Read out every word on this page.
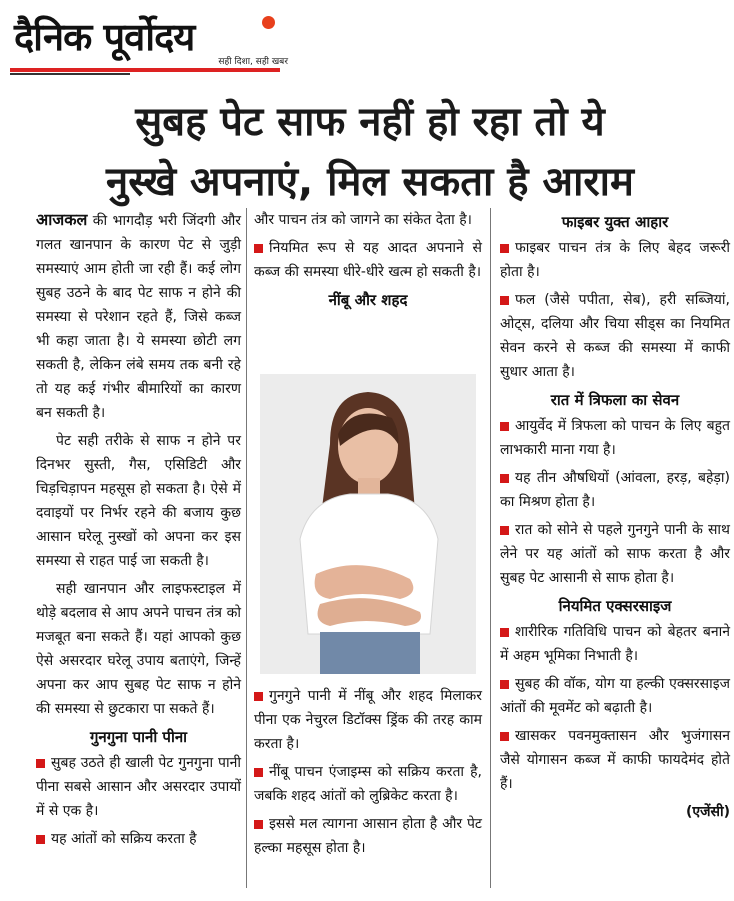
दैनिक पूर्वोदय
सही दिशा, सही खबर
सुबह पेट साफ नहीं हो रहा तो ये
नुस्खे अपनाएं, मिल सकता है आराम

आजकल की भागदौड़ भरी जिंदगी और गलत खानपान के कारण पेट से जुड़ी समस्याएं आम होती जा रही हैं। कई लोग सुबह उठने के बाद पेट साफ न होने की समस्या से परेशान रहते हैं, जिसे कब्ज भी कहा जाता है। ये समस्या छोटी लग सकती है, लेकिन लंबे समय तक बनी रहे तो यह कई गंभीर बीमारियों का कारण बन सकती है।

पेट सही तरीके से साफ न होने पर दिनभर सुस्ती, गैस, एसिडिटी और चिड़चिड़ापन महसूस हो सकता है। ऐसे में दवाइयों पर निर्भर रहने की बजाय कुछ आसान घरेलू नुस्खों को अपना कर इस समस्या से राहत पाई जा सकती है।

सही खानपान और लाइफस्टाइल में थोड़े बदलाव से आप अपने पाचन तंत्र को मजबूत बना सकते हैं। यहां आपको कुछ ऐसे असरदार घरेलू उपाय बताएंगे, जिन्हें अपना कर आप सुबह पेट साफ न होने की समस्या से छुटकारा पा सकते हैं।

गुनगुना पानी पीना

सुबह उठते ही खाली पेट गुनगुना पानी पीना सबसे आसान और असरदार उपायों में से एक है।

यह आंतों को सक्रिय करता है

और पाचन तंत्र को जागने का संकेत देता है।

नियमित रूप से यह आदत अपनाने से कब्ज की समस्या धीरे-धीरे खत्म हो सकती है।

नींबू और शहद

गुनगुने पानी में नींबू और शहद मिलाकर पीना एक नेचुरल डिटॉक्स ड्रिंक की तरह काम करता है।

नींबू पाचन एंजाइम्स को सक्रिय करता है, जबकि शहद आंतों को लुब्रिकेट करता है।

इससे मल त्यागना आसान होता है और पेट हल्का महसूस होता है।

फाइबर युक्त आहार

फाइबर पाचन तंत्र के लिए बेहद जरूरी होता है।

फल (जैसे पपीता, सेब), हरी सब्जियां, ओट्स, दलिया और चिया सीड्स का नियमित सेवन करने से कब्ज की समस्या में काफी सुधार आता है।

रात में त्रिफला का सेवन

आयुर्वेद में त्रिफला को पाचन के लिए बहुत लाभकारी माना गया है।

यह तीन औषधियों (आंवला, हरड़, बहेड़ा) का मिश्रण होता है।

रात को सोने से पहले गुनगुने पानी के साथ लेने पर यह आंतों को साफ करता है और सुबह पेट आसानी से साफ होता है।

नियमित एक्सरसाइज

शारीरिक गतिविधि पाचन को बेहतर बनाने में अहम भूमिका निभाती है।

सुबह की वॉक, योग या हल्की एक्सरसाइज आंतों की मूवमेंट को बढ़ाती है।

खासकर पवनमुक्तासन और भुजंगासन जैसे योगासन कब्ज में काफी फायदेमंद होते हैं।

(एजेंसी)
